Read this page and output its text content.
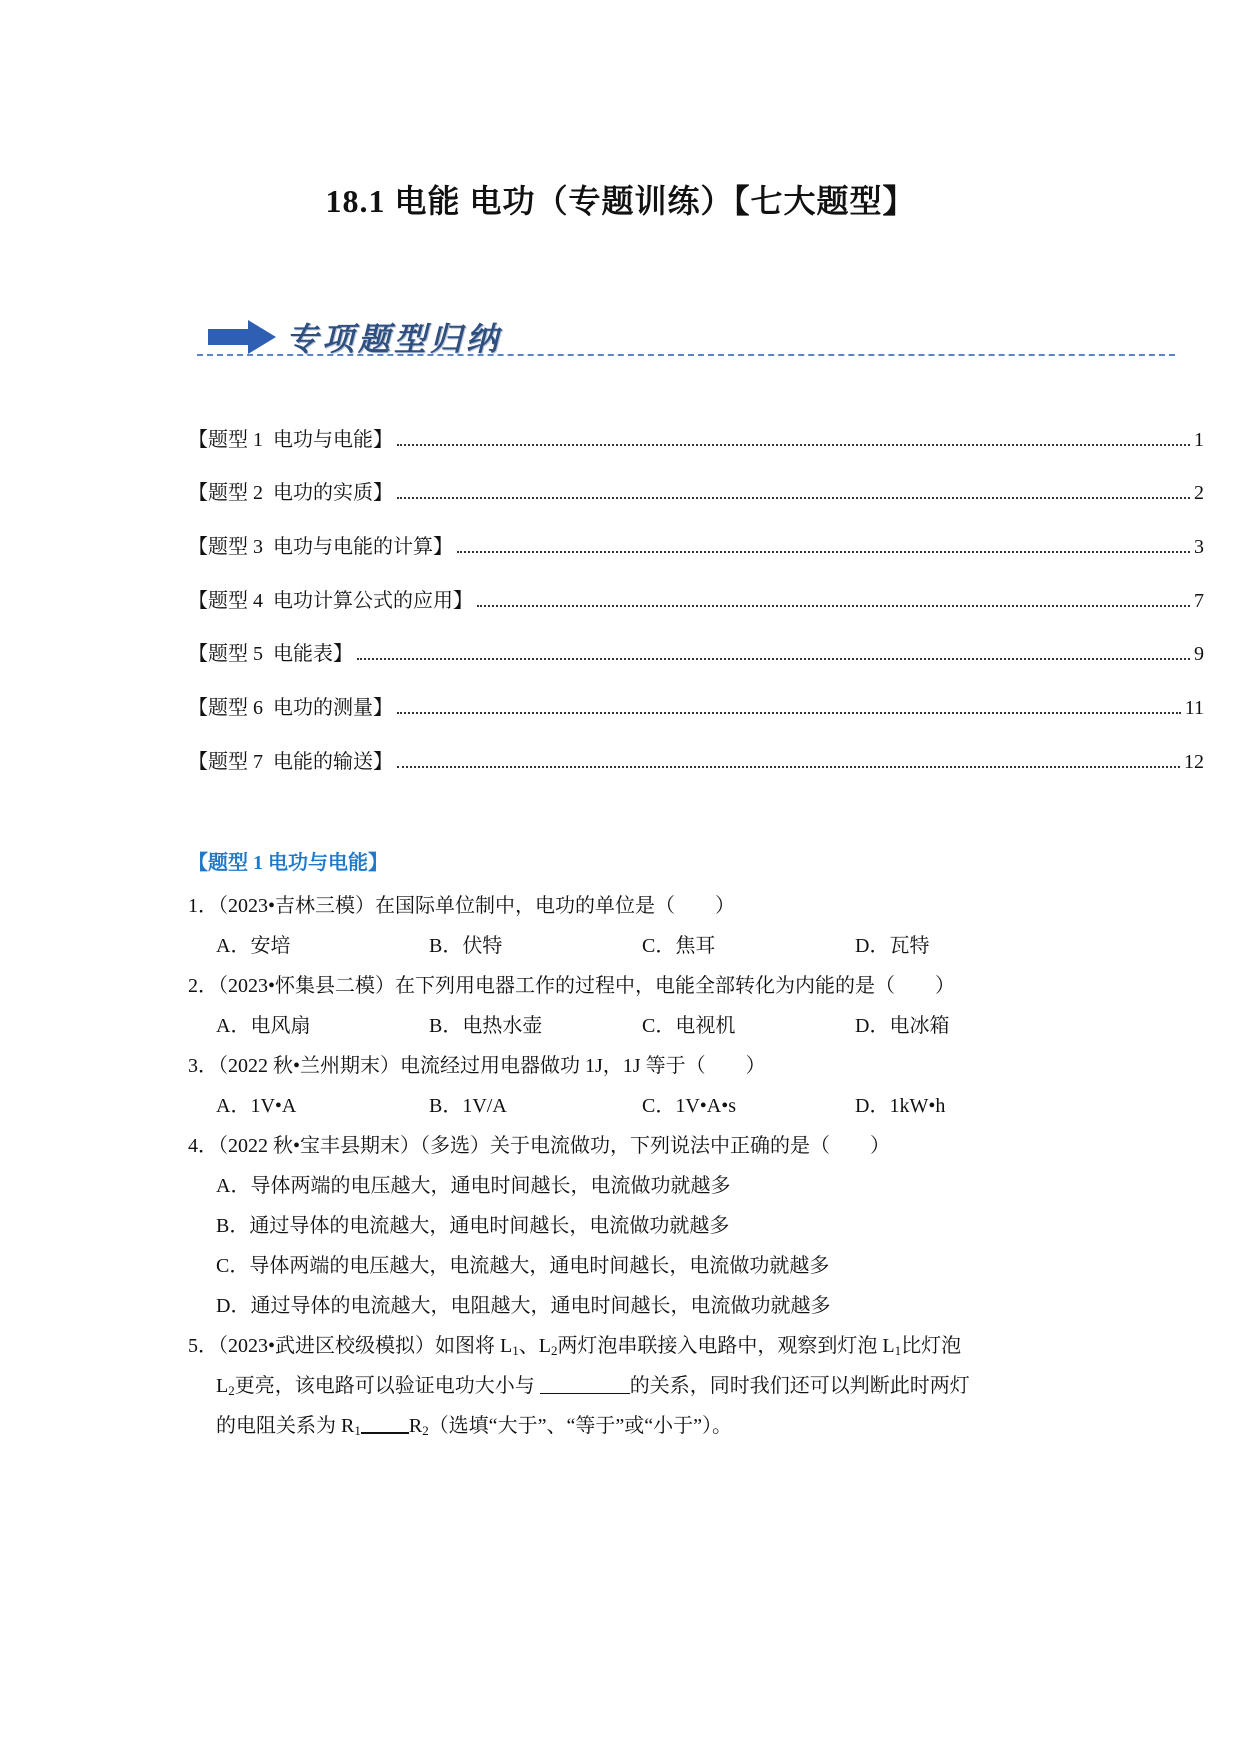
18.1 电能 电功（专题训练）【七大题型】
专项题型归纳
【题型 1  电功与电能】	1
【题型 2  电功的实质】	2
【题型 3  电功与电能的计算】	3
【题型 4  电功计算公式的应用】	7
【题型 5  电能表】	9
【题型 6  电功的测量】	11
【题型 7  电能的输送】	12
【题型 1 电功与电能】
1．（2023•吉林三模）在国际单位制中，电功的单位是（　　）
A．安培	B．伏特	C．焦耳	D．瓦特
2．（2023•怀集县二模）在下列用电器工作的过程中，电能全部转化为内能的是（　　）
A．电风扇	B．电热水壶	C．电视机	D．电冰箱
3．（2022 秋•兰州期末）电流经过用电器做功 1J，1J 等于（　　）
A．1V•A	B．1V/A	C．1V•A•s	D．1kW•h
4．（2022 秋•宝丰县期末）（多选）关于电流做功，下列说法中正确的是（　　）
A．导体两端的电压越大，通电时间越长，电流做功就越多
B．通过导体的电流越大，通电时间越长，电流做功就越多
C．导体两端的电压越大，电流越大，通电时间越长，电流做功就越多
D．通过导体的电流越大，电阻越大，通电时间越长，电流做功就越多
5．（2023•武进区校级模拟）如图将 $L_1$、$L_2$两灯泡串联接入电路中，观察到灯泡 $L_1$比灯泡
$L_2$更亮，该电路可以验证电功大小与	的关系，同时我们还可以判断此时两灯
的电阻关系为 $R_1$ $R_2$（选填“大于”、“等于”或“小于”）。
